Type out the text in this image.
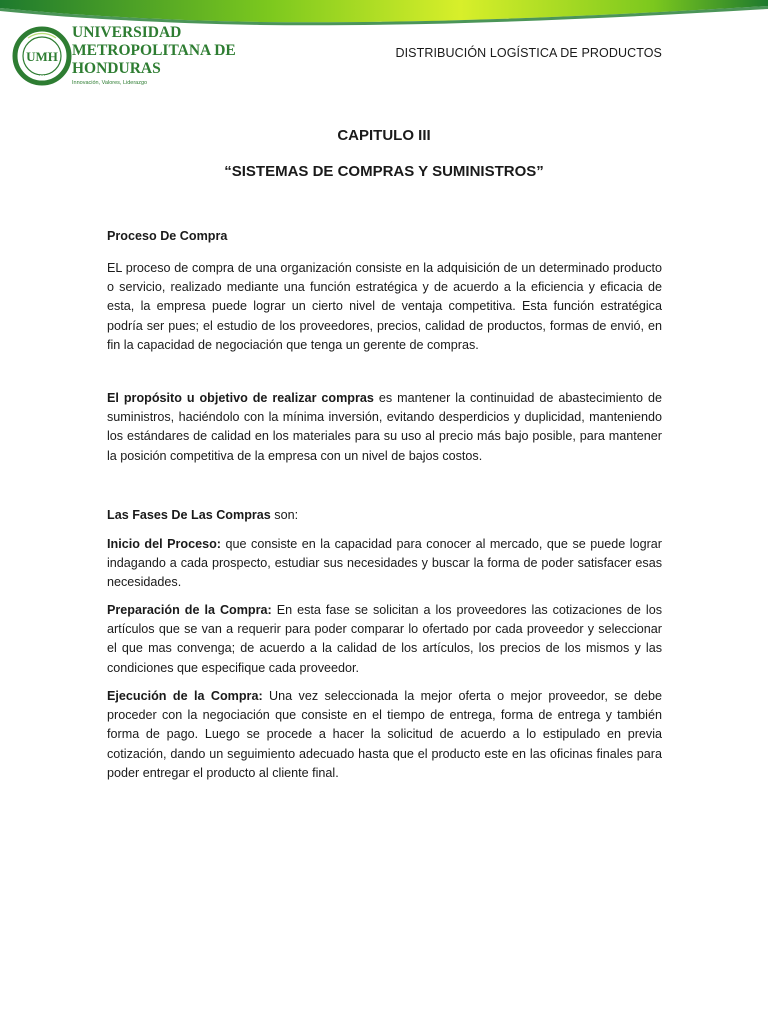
UMH
2005
UNIVERSIDAD
METROPOLITANA DE
HONDURAS
Innovación, Valores, Liderazgo
DISTRIBUCIÓN LOGÍSTICA DE PRODUCTOS
CAPITULO III
“SISTEMAS DE COMPRAS Y SUMINISTROS”
Proceso De Compra

EL proceso de compra de una organización consiste en la adquisición de un determinado producto o servicio, realizado mediante una función estratégica y de acuerdo a la eficiencia y eficacia de esta, la empresa puede lograr un cierto nivel de ventaja competitiva. Esta función estratégica podría ser pues; el estudio de los proveedores, precios, calidad de productos, formas de envió, en fin la capacidad de negociación que tenga un gerente de compras.

El propósito u objetivo de realizar compras es mantener la continuidad de abastecimiento de suministros, haciéndolo con la mínima inversión, evitando desperdicios y duplicidad, manteniendo los estándares de calidad en los materiales para su uso al precio más bajo posible, para mantener la posición competitiva de la empresa con un nivel de bajos costos.

Las Fases De Las Compras son:

Inicio del Proceso: que consiste en la capacidad para conocer al mercado, que se puede lograr indagando a cada prospecto, estudiar sus necesidades y buscar la forma de poder satisfacer esas necesidades.

Preparación de la Compra: En esta fase se solicitan a los proveedores las cotizaciones de los artículos que se van a requerir para poder comparar lo ofertado por cada proveedor y seleccionar el que mas convenga; de acuerdo a la calidad de los artículos, los precios de los mismos y las condiciones que especifique cada proveedor.

Ejecución de la Compra: Una vez seleccionada la mejor oferta o mejor proveedor, se debe proceder con la negociación que consiste en el tiempo de entrega, forma de entrega y también forma de pago. Luego se procede a hacer la solicitud de acuerdo a lo estipulado en previa cotización, dando un seguimiento adecuado hasta que el producto este en las oficinas finales para poder entregar el producto al cliente final.
